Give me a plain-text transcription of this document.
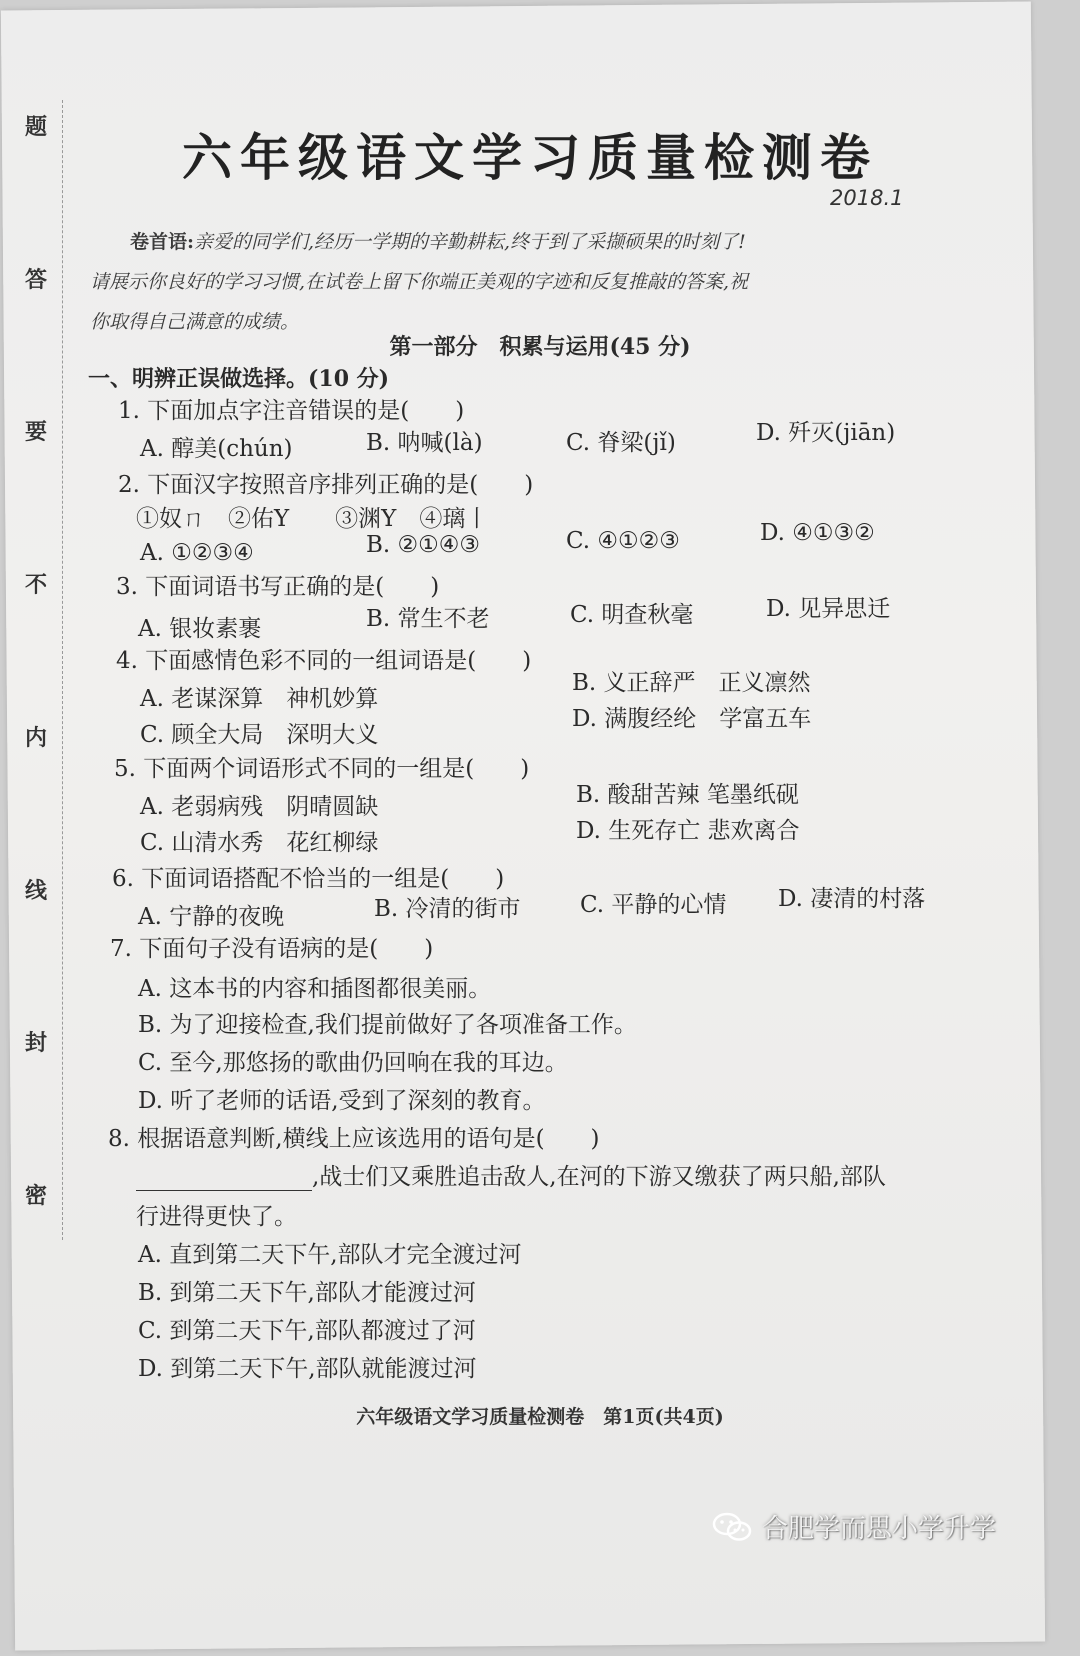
题
答
要
不
内
线
封
密
六年级语文学习质量检测卷
2018.1
卷首语:亲爱的同学们,经历一学期的辛勤耕耘,终于到了采撷硕果的时刻了!
请展示你良好的学习习惯,在试卷上留下你端正美观的字迹和反复推敲的答案,祝
你取得自己满意的成绩。
第一部分　积累与运用(45 分)
一、明辨正误做选择。(10 分)
1. 下面加点字注音错误的是(　　)
A. 醇美(chún)	B. 呐喊(là)	C. 脊梁(jǐ)	D. 歼灭(jiān)
2. 下面汉字按照音序排列正确的是(　　)
①奴ㄇ　②佑Y　　③渊Y　④璃丨
A. ①②③④	B. ②①④③	C. ④①②③	D. ④①③②
3. 下面词语书写正确的是(　　)
A. 银妆素裹	B. 常生不老	C. 明查秋毫	D. 见异思迁
4. 下面感情色彩不同的一组词语是(　　)
A. 老谋深算　神机妙算
B. 义正辞严　正义凛然
C. 顾全大局　深明大义
D. 满腹经纶　学富五车
5. 下面两个词语形式不同的一组是(　　)
A. 老弱病残　阴晴圆缺	B. 酸甜苦辣 笔墨纸砚
C. 山清水秀　花红柳绿	D. 生死存亡 悲欢离合
6. 下面词语搭配不恰当的一组是(　　)
A. 宁静的夜晚	B. 冷清的街市	C. 平静的心情 D. 凄清的村落
7. 下面句子没有语病的是(　　)
A. 这本书的内容和插图都很美丽。
B. 为了迎接检查,我们提前做好了各项准备工作。
C. 至今,那悠扬的歌曲仍回响在我的耳边。
D. 听了老师的话语,受到了深刻的教育。
8. 根据语意判断,横线上应该选用的语句是(　　)
,战士们又乘胜追击敌人,在河的下游又缴获了两只船,部队
行进得更快了。
A. 直到第二天下午,部队才完全渡过河
B. 到第二天下午,部队才能渡过河
C. 到第二天下午,部队都渡过了河
D. 到第二天下午,部队就能渡过河
六年级语文学习质量检测卷　第1页(共4页)
合肥学而思小学升学
